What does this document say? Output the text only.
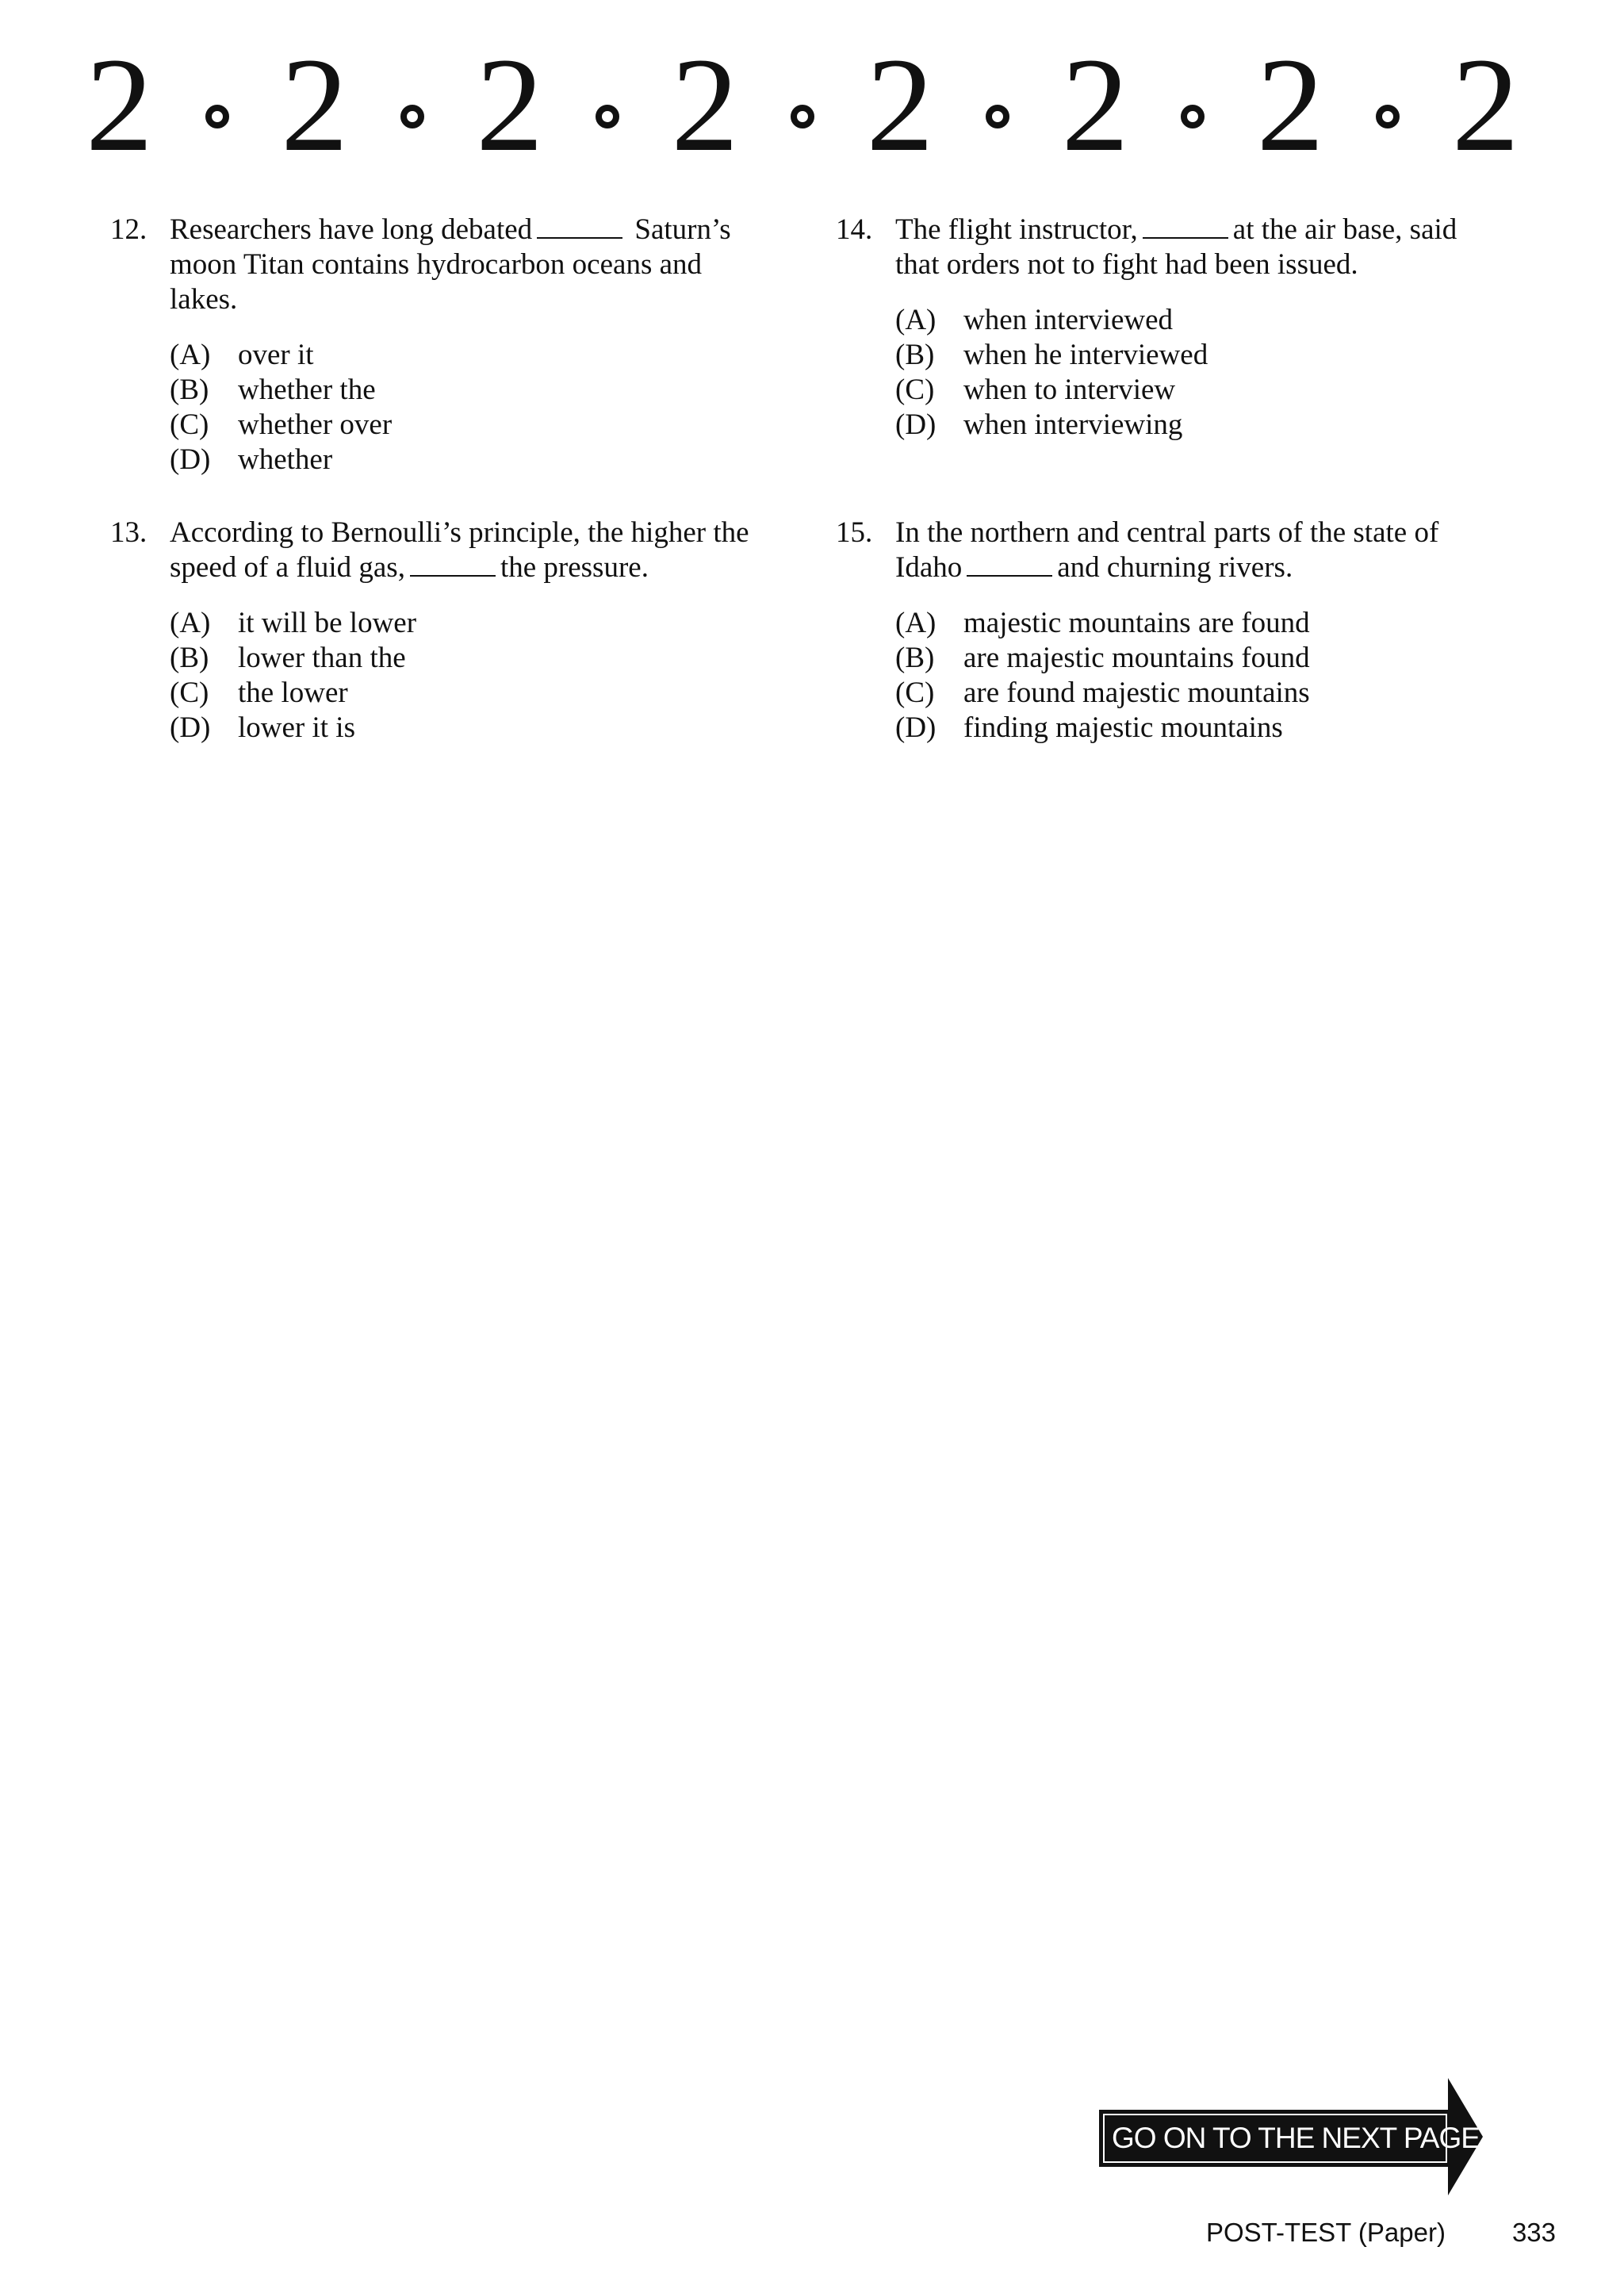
2 2 2 2 2 2 2 2
12. Researchers have long debated	Saturn’s moon Titan contains hydrocarbon oceans and lakes.
(A) over it
(B) whether the
(C) whether over
(D) whether
13. According to Bernoulli’s principle, the higher the speed of a fluid gas,	the pressure.
(A) it will be lower
(B) lower than the
(C) the lower
(D) lower it is
14. The flight instructor,	at the air base, said that orders not to fight had been issued.
(A) when interviewed
(B) when he interviewed
(C) when to interview
(D) when interviewing
15. In the northern and central parts of the state of Idaho	and churning rivers.
(A) majestic mountains are found
(B) are majestic mountains found
(C) are found majestic mountains
(D) finding majestic mountains
GO ON TO THE NEXT PAGE
POST-TEST (Paper)	333
